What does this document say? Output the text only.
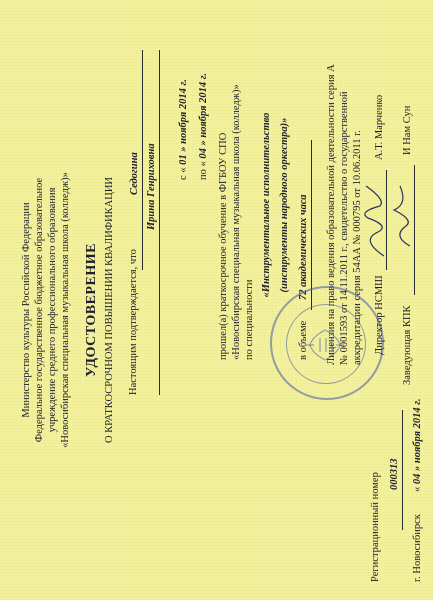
Министерство культуры Российской Федерации Федеральное государственное бюджетное образовательное учреждение среднего профессионального образования «Новосибирская специальная музыкальная школа (колледж)» УДОСТОВЕРЕНИЕ О КРАТКОСРОЧНОМ ПОВЫШЕНИИ КВАЛИФИКАЦИИ Настоящим подтверждается, что
Седогина Ирина Генриховна с « 01 » ноября 2014 г.
по « 04 » ноября 2014 г.
прошел(а) краткосрочное обучение в ФГБОУ СПО «Новосибирская специальная музыкальная школа (колледж)» по специальности
«Инструментальное исполнительство (инструменты народного оркестра)»
в объеме
72 академических часа Лицензия на право ведения образовательной деятельности серия А № 0001593 от 14.11.2011 г., свидетельство о государственной аккредитации серия 54АА № 000795 от 10.06.2011 г. Директор НСМШ
А.Т. Марченко
Заведующая КПК
И Нам Сун
Регистрационный номер 000313
г. Новосибирск
« 04 » ноября 2014 г.
